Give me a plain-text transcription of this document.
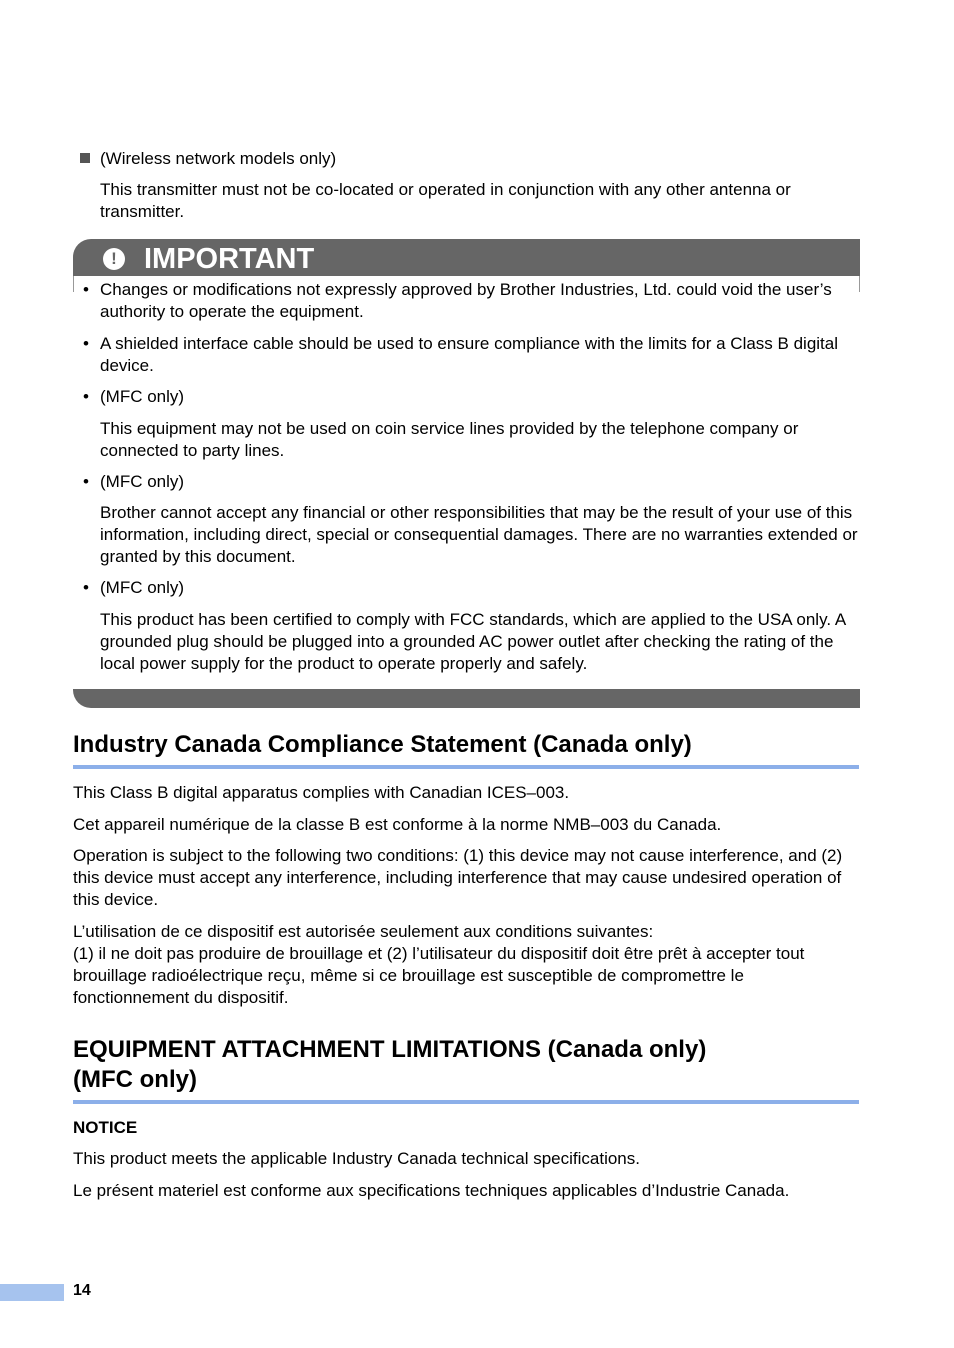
(Wireless network models only)

This transmitter must not be co-located or operated in conjunction with any other antenna or transmitter.

! IMPORTANT
• Changes or modifications not expressly approved by Brother Industries, Ltd. could void the user’s authority to operate the equipment.

• A shielded interface cable should be used to ensure compliance with the limits for a Class B digital device.

• (MFC only)

This equipment may not be used on coin service lines provided by the telephone company or connected to party lines.

• (MFC only)

Brother cannot accept any financial or other responsibilities that may be the result of your use of this information, including direct, special or consequential damages. There are no warranties extended or granted by this document.

• (MFC only)

This product has been certified to comply with FCC standards, which are applied to the USA only. A grounded plug should be plugged into a grounded AC power outlet after checking the rating of the local power supply for the product to operate properly and safely.

Industry Canada Compliance Statement (Canada only)

This Class B digital apparatus complies with Canadian ICES–003.

Cet appareil numérique de la classe B est conforme à la norme NMB–003 du Canada.

Operation is subject to the following two conditions: (1) this device may not cause interference, and (2) this device must accept any interference, including interference that may cause undesired operation of this device.

L’utilisation de ce dispositif est autorisée seulement aux conditions suivantes:

(1) il ne doit pas produire de brouillage et (2) l’utilisateur du dispositif doit être prêt à accepter tout brouillage radioélectrique reçu, même si ce brouillage est susceptible de compromettre le fonctionnement du dispositif.

EQUIPMENT ATTACHMENT LIMITATIONS (Canada only)
(MFC only)

NOTICE

This product meets the applicable Industry Canada technical specifications.

Le présent materiel est conforme aux specifications techniques applicables d’Industrie Canada.

14
